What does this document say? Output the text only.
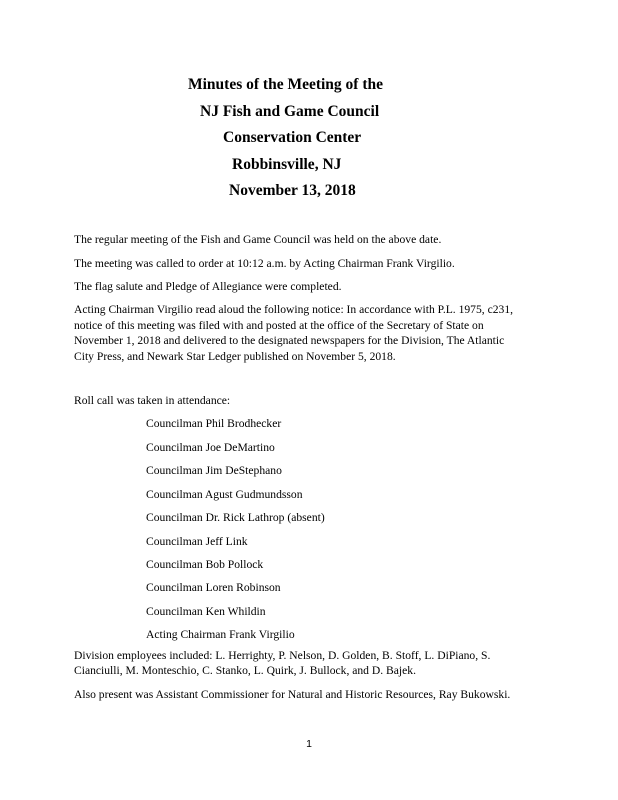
Minutes of the Meeting of the
NJ Fish and Game Council
Conservation Center
Robbinsville, NJ
November 13, 2018
The regular meeting of the Fish and Game Council was held on the above date.
The meeting was called to order at 10:12 a.m. by Acting Chairman Frank Virgilio.
The flag salute and Pledge of Allegiance were completed.
Acting Chairman Virgilio read aloud the following notice: In accordance with P.L. 1975, c231,
notice of this meeting was filed with and posted at the office of the Secretary of State on
November 1, 2018 and delivered to the designated newspapers for the Division, The Atlantic
City Press, and Newark Star Ledger published on November 5, 2018.
Roll call was taken in attendance:
Councilman Phil Brodhecker
Councilman Joe DeMartino
Councilman Jim DeStephano
Councilman Agust Gudmundsson
Councilman Dr. Rick Lathrop (absent)
Councilman Jeff Link
Councilman Bob Pollock
Councilman Loren Robinson
Councilman Ken Whildin
Acting Chairman Frank Virgilio
Division employees included: L. Herrighty, P. Nelson, D. Golden, B. Stoff, L. DiPiano, S.
Cianciulli, M. Monteschio, C. Stanko, L. Quirk, J. Bullock, and D. Bajek.
Also present was Assistant Commissioner for Natural and Historic Resources, Ray Bukowski.
1
